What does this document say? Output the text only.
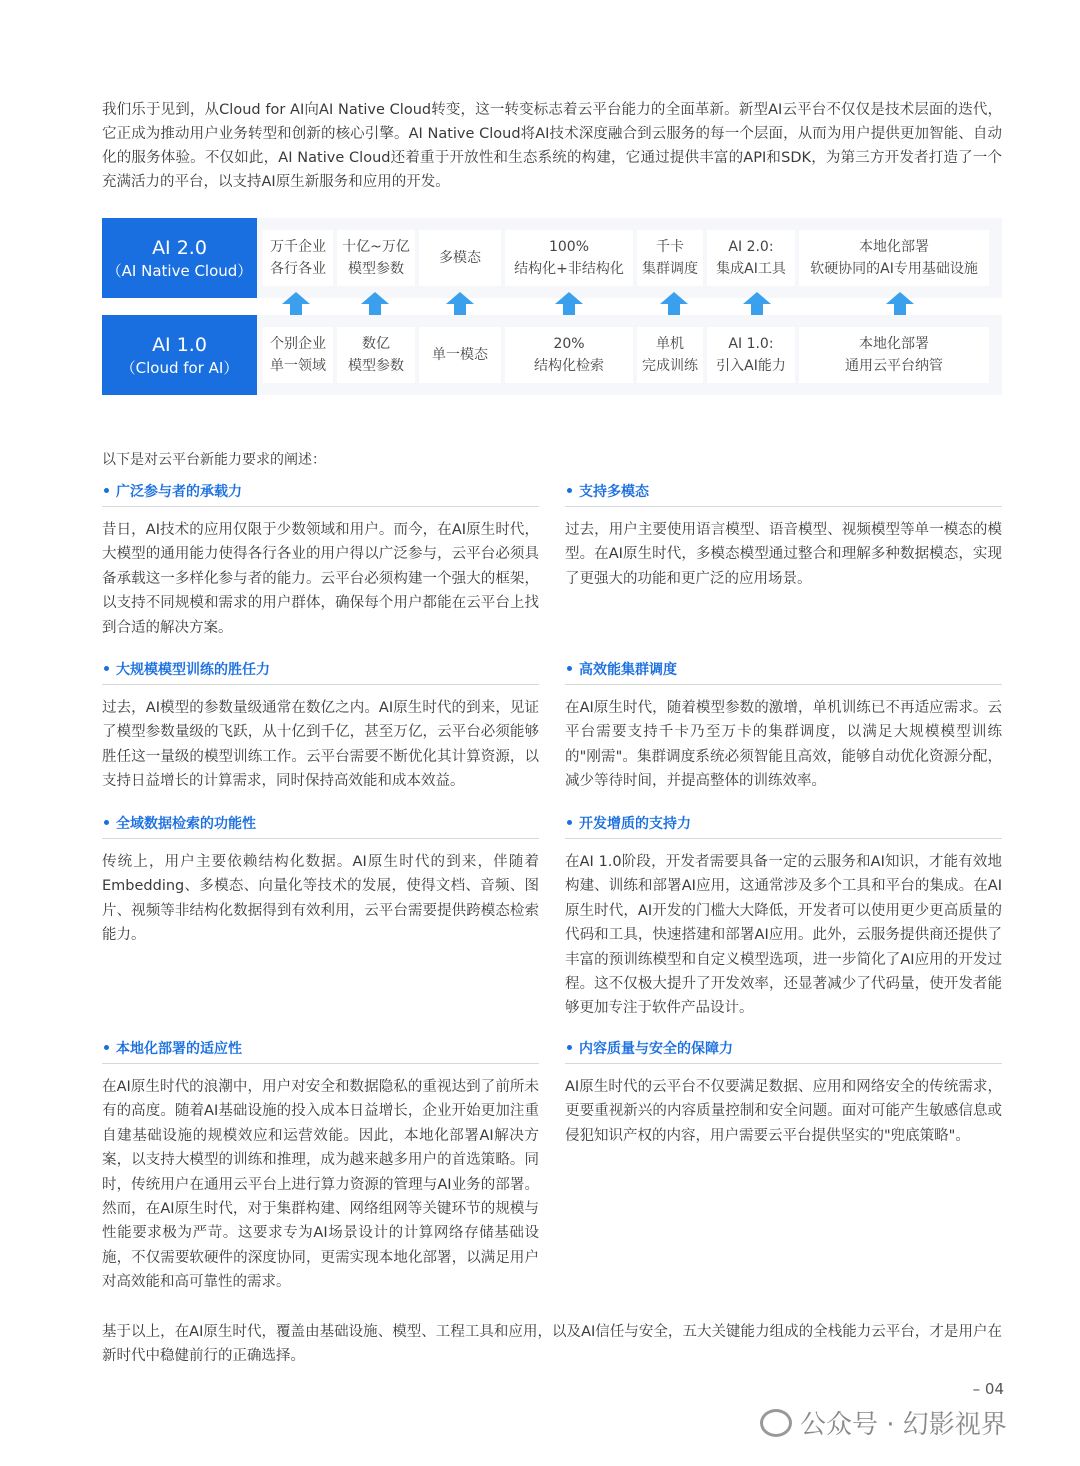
我们乐于见到，从Cloud for AI向AI Native Cloud转变，这一转变标志着云平台能力的全面革新。新型AI云平台不仅仅是技术层面的迭代，它正成为推动用户业务转型和创新的核心引擎。AI Native Cloud将AI技术深度融合到云服务的每一个层面，从而为用户提供更加智能、自动化的服务体验。不仅如此，AI Native Cloud还着重于开放性和生态系统的构建，它通过提供丰富的API和SDK，为第三方开发者打造了一个充满活力的平台，以支持AI原生新服务和应用的开发。

AI 2.0
（AI Native Cloud）
万千企业
各行各业
十亿~万亿
模型参数
多模态
100%
结构化+非结构化
千卡
集群调度
AI 2.0:
集成AI工具
本地化部署
软硬协同的AI专用基础设施
AI 1.0
（Cloud for AI）
个别企业
单一领域
数亿
模型参数
单一模态
20%
结构化检索
单机
完成训练
AI 1.0:
引入AI能力
本地化部署
通用云平台纳管

以下是对云平台新能力要求的阐述：

广泛参与者的承载力

昔日，AI技术的应用仅限于少数领域和用户。而今，在AI原生时代，大模型的通用能力使得各行各业的用户得以广泛参与，云平台必须具备承载这一多样化参与者的能力。云平台必须构建一个强大的框架，以支持不同规模和需求的用户群体，确保每个用户都能在云平台上找到合适的解决方案。

支持多模态

过去，用户主要使用语言模型、语音模型、视频模型等单一模态的模型。在AI原生时代，多模态模型通过整合和理解多种数据模态，实现了更强大的功能和更广泛的应用场景。

大规模模型训练的胜任力

过去，AI模型的参数量级通常在数亿之内。AI原生时代的到来，见证了模型参数量级的飞跃，从十亿到千亿，甚至万亿，云平台必须能够胜任这一量级的模型训练工作。云平台需要不断优化其计算资源，以支持日益增长的计算需求，同时保持高效能和成本效益。

高效能集群调度

在AI原生时代，随着模型参数的激增，单机训练已不再适应需求。云平台需要支持千卡乃至万卡的集群调度，以满足大规模模型训练的"刚需"。集群调度系统必须智能且高效，能够自动优化资源分配，减少等待时间，并提高整体的训练效率。

全域数据检索的功能性

传统上，用户主要依赖结构化数据。AI原生时代的到来，伴随着Embedding、多模态、向量化等技术的发展，使得文档、音频、图片、视频等非结构化数据得到有效利用，云平台需要提供跨模态检索能力。

开发增质的支持力

在AI 1.0阶段，开发者需要具备一定的云服务和AI知识，才能有效地构建、训练和部署AI应用，这通常涉及多个工具和平台的集成。在AI原生时代，AI开发的门槛大大降低，开发者可以使用更少更高质量的代码和工具，快速搭建和部署AI应用。此外，云服务提供商还提供了丰富的预训练模型和自定义模型选项，进一步简化了AI应用的开发过程。这不仅极大提升了开发效率，还显著减少了代码量，使开发者能够更加专注于软件产品设计。

本地化部署的适应性

在AI原生时代的浪潮中，用户对安全和数据隐私的重视达到了前所未有的高度。随着AI基础设施的投入成本日益增长，企业开始更加注重自建基础设施的规模效应和运营效能。因此，本地化部署AI解决方案，以支持大模型的训练和推理，成为越来越多用户的首选策略。同时，传统用户在通用云平台上进行算力资源的管理与AI业务的部署。然而，在AI原生时代，对于集群构建、网络组网等关键环节的规模与性能要求极为严苛。这要求专为AI场景设计的计算网络存储基础设施，不仅需要软硬件的深度协同，更需实现本地化部署，以满足用户对高效能和高可靠性的需求。

内容质量与安全的保障力

AI原生时代的云平台不仅要满足数据、应用和网络安全的传统需求，更要重视新兴的内容质量控制和安全问题。面对可能产生敏感信息或侵犯知识产权的内容，用户需要云平台提供坚实的"兜底策略"。

基于以上，在AI原生时代，覆盖由基础设施、模型、工程工具和应用，以及AI信任与安全，五大关键能力组成的全栈能力云平台，才是用户在新时代中稳健前行的正确选择。

– 04
公众号 · 幻影视界
